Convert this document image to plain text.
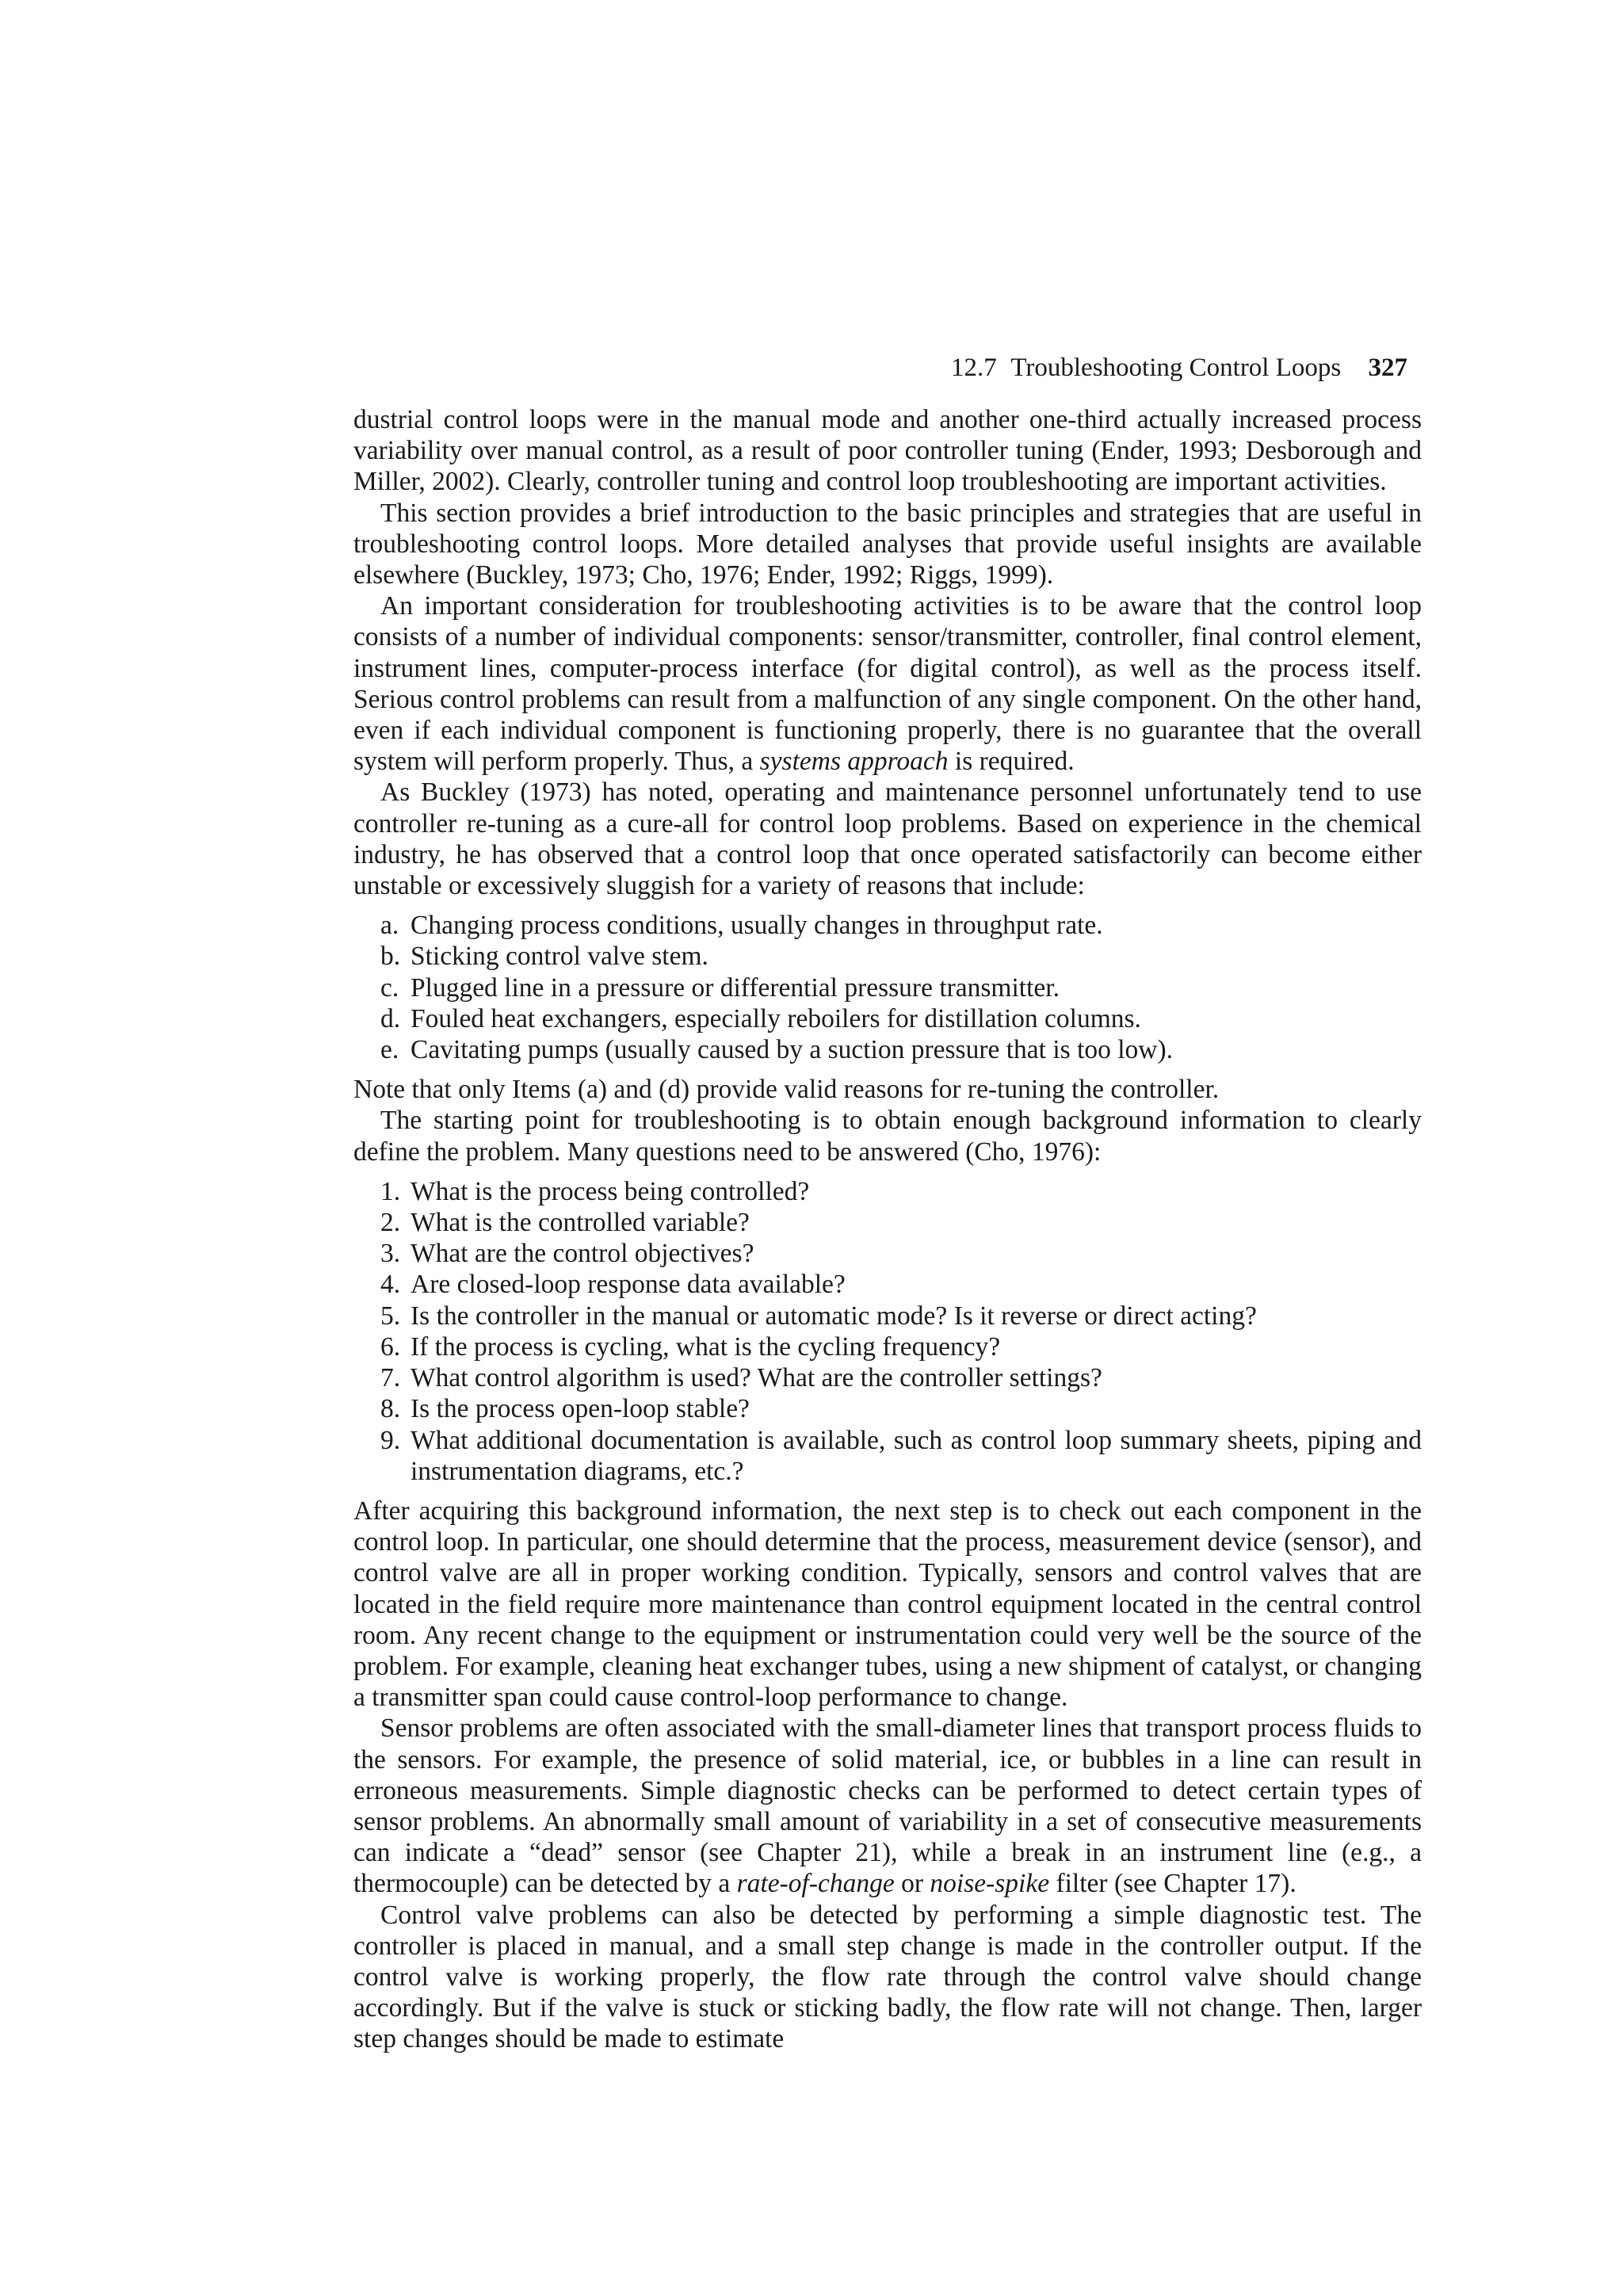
12.7 Troubleshooting Control Loops 327

dustrial control loops were in the manual mode and another one-third actually increased process variability over manual control, as a result of poor controller tuning (Ender, 1993; Desborough and Miller, 2002). Clearly, controller tuning and control loop troubleshooting are important activities.

This section provides a brief introduction to the basic principles and strategies that are useful in troubleshooting control loops. More detailed analyses that provide useful insights are available elsewhere (Buckley, 1973; Cho, 1976; Ender, 1992; Riggs, 1999).

An important consideration for troubleshooting activities is to be aware that the control loop consists of a number of individual components: sensor/transmitter, controller, final control element, instrument lines, computer-process interface (for digital control), as well as the process itself. Serious control problems can result from a malfunction of any single component. On the other hand, even if each individual component is functioning properly, there is no guarantee that the overall system will perform properly. Thus, a systems approach is required.

As Buckley (1973) has noted, operating and maintenance personnel unfortunately tend to use controller re-tuning as a cure-all for control loop problems. Based on experience in the chemical industry, he has observed that a control loop that once operated satisfactorily can become either unstable or excessively sluggish for a variety of reasons that include:

a. Changing process conditions, usually changes in throughput rate.
b. Sticking control valve stem.
c. Plugged line in a pressure or differential pressure transmitter.
d. Fouled heat exchangers, especially reboilers for distillation columns.
e. Cavitating pumps (usually caused by a suction pressure that is too low).

Note that only Items (a) and (d) provide valid reasons for re-tuning the controller.

The starting point for troubleshooting is to obtain enough background information to clearly define the problem. Many questions need to be answered (Cho, 1976):

1. What is the process being controlled?
2. What is the controlled variable?
3. What are the control objectives?
4. Are closed-loop response data available?
5. Is the controller in the manual or automatic mode? Is it reverse or direct acting?
6. If the process is cycling, what is the cycling frequency?
7. What control algorithm is used? What are the controller settings?
8. Is the process open-loop stable?
9. What additional documentation is available, such as control loop summary sheets, piping and instrumentation diagrams, etc.?

After acquiring this background information, the next step is to check out each component in the control loop. In particular, one should determine that the process, measurement device (sensor), and control valve are all in proper working condition. Typically, sensors and control valves that are located in the field require more maintenance than control equipment located in the central control room. Any recent change to the equipment or instrumentation could very well be the source of the problem. For example, cleaning heat exchanger tubes, using a new shipment of catalyst, or changing a transmitter span could cause control-loop performance to change.

Sensor problems are often associated with the small-diameter lines that transport process fluids to the sensors. For example, the presence of solid material, ice, or bubbles in a line can result in erroneous measurements. Simple diagnostic checks can be performed to detect certain types of sensor problems. An abnormally small amount of variability in a set of consecutive measurements can indicate a “dead” sensor (see Chapter 21), while a break in an instrument line (e.g., a thermocouple) can be detected by a rate-of-change or noise-spike filter (see Chapter 17).

Control valve problems can also be detected by performing a simple diagnostic test. The controller is placed in manual, and a small step change is made in the controller output. If the control valve is working properly, the flow rate through the control valve should change accordingly. But if the valve is stuck or sticking badly, the flow rate will not change. Then, larger step changes should be made to estimate
